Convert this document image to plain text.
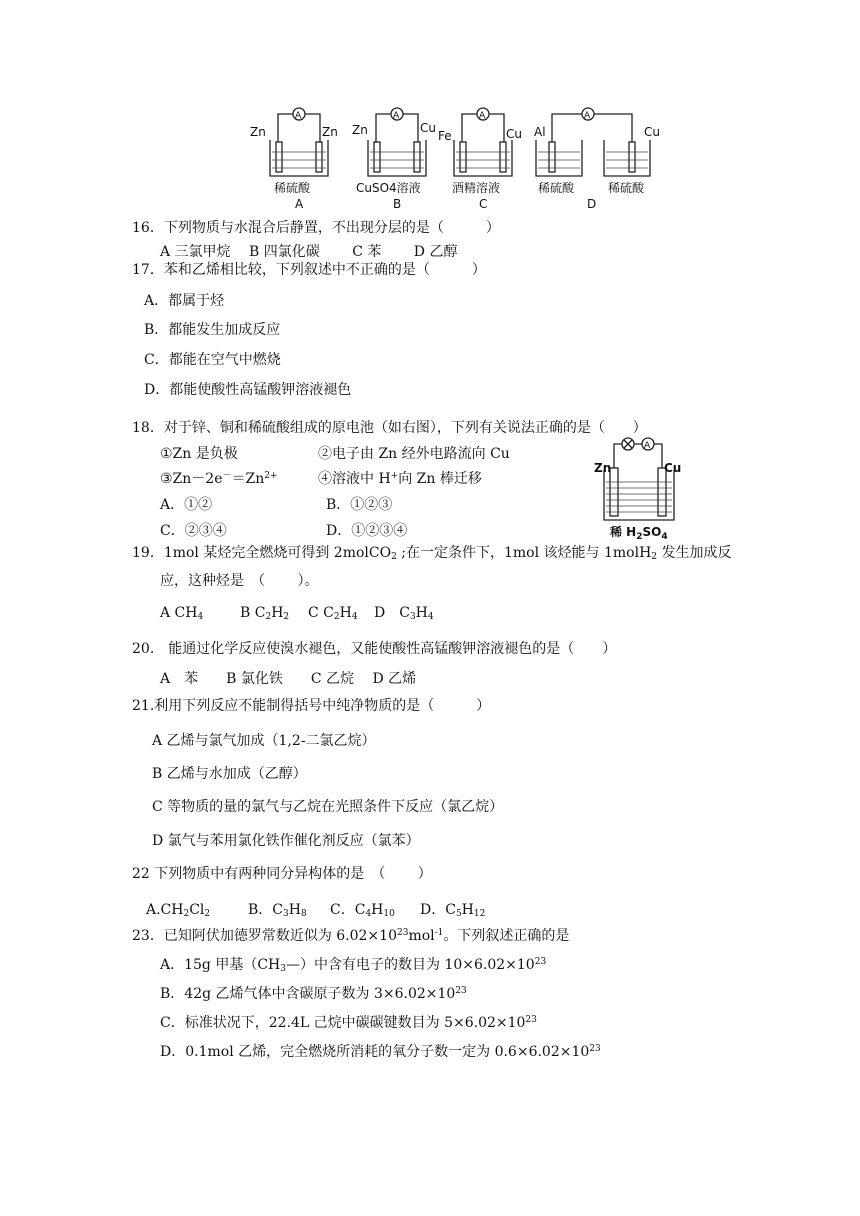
A	A	A	A
Zn	Zn Zn	Cu
Fe	Cu Al	Cu
稀硫酸	CuSO4溶液	酒精溶液	稀硫酸	稀硫酸
A	B	C	D
16．下列物质与水混合后静置，不出现分层的是（　　　）
A 三氯甲烷　 B 四氯化碳　　 C 苯　　 D 乙醇
17．苯和乙烯相比较，下列叙述中不正确的是（　　　）
A．都属于烃
B．都能发生加成反应
C．都能在空气中燃烧
D．都能使酸性高锰酸钾溶液褪色
18．对于锌、铜和稀硫酸组成的原电池（如右图），下列有关说法正确的是（　　）
①Zn 是负极	②电子由 Zn 经外电路流向 Cu
$③Zn-2e^-=Zn^{2+}$	④溶液中 H+向 Zn 棒迁移
A．①②	B．①②③
C．②③④	D．①②③④
A
Zn	Cu
稀 $H_2SO_4$
19．1mol 某烃完全燃烧可得到 2molCO$_2$ ;在一定条件下，1mol 该烃能与 1molH$_2$ 发生加成反
应，这种烃是　（　　 ）。
A $CH_4$	B $C_2H_2$ C $C_2H_4$ D　$C_3H_4$
20.　能通过化学反应使溴水褪色，又能使酸性高锰酸钾溶液褪色的是（　　）
A　苯　　B 氯化铁　　C 乙烷　 D 乙烯
21.利用下列反应不能制得括号中纯净物质的是（　　　）
A 乙烯与氯气加成（1,2-二氯乙烷）
B 乙烯与水加成（乙醇）
C 等物质的量的氯气与乙烷在光照条件下反应（氯乙烷）
D 氯气与苯用氯化铁作催化剂反应（氯苯）
22 下列物质中有两种同分异构体的是　（　　 ）
$A.CH_2Cl_2$	B．$C_3H_8$ C．$C_4H_{10}$ D．$C_5H_{12}$
23．已知阿伏加德罗常数近似为 $6.02\times 10^{23}mol^{-1}$。下列叙述正确的是
A．15g 甲基$(CH_3—)$中含有电子的数目为 $10\times 6.02\times 10^{23}$
B．42g 乙烯气体中含碳原子数为 $3\times 6.02\times 10^{23}$
C．标准状况下，22.4L 己烷中碳碳键数目为 $5\times 6.02\times 10^{23}$
D．0.1mol 乙烯，完全燃烧所消耗的氧分子数一定为 $0.6\times 6.02\times 10^{23}$
